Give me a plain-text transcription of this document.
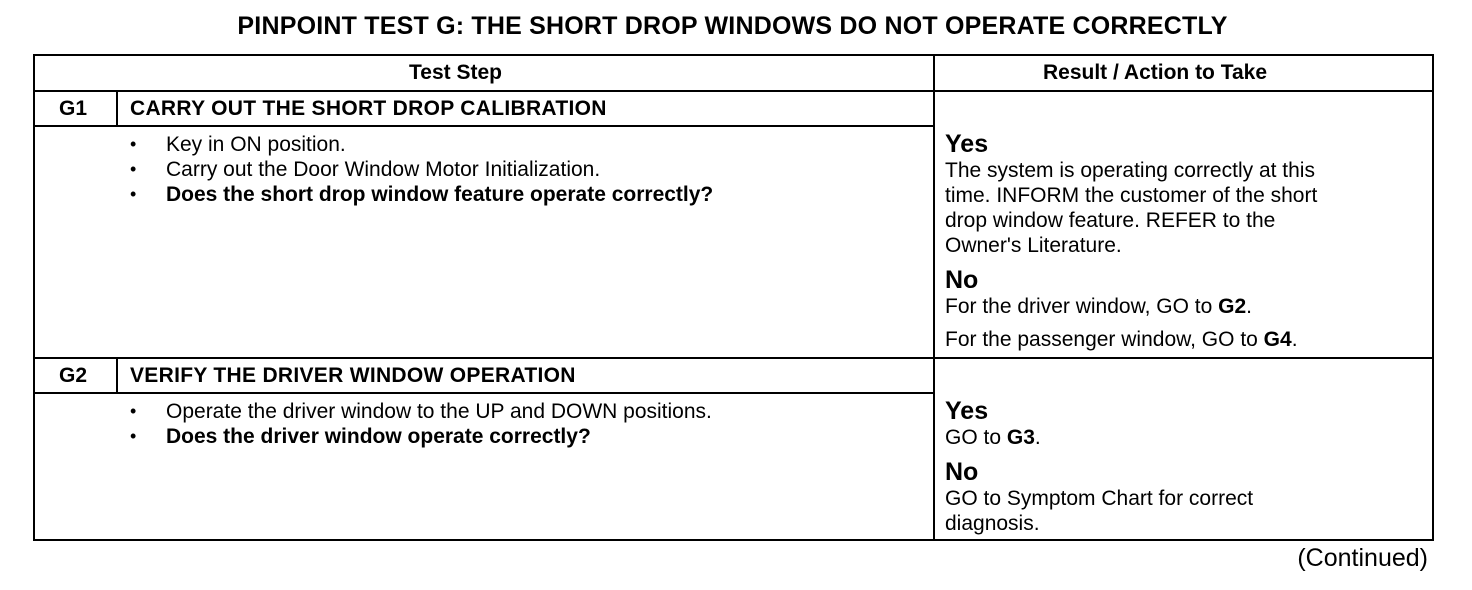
PINPOINT TEST G: THE SHORT DROP WINDOWS DO NOT OPERATE CORRECTLY
Test Step	Result / Action to Take
G1 CARRY OUT THE SHORT DROP CALIBRATION
• Key in ON position.
• Carry out the Door Window Motor Initialization.
• Does the short drop window feature operate correctly?
Yes
The system is operating correctly at this
time. INFORM the customer of the short
drop window feature. REFER to the
Owner's Literature.
No
For the driver window, GO to G2.
For the passenger window, GO to G4.
G2 VERIFY THE DRIVER WINDOW OPERATION
• Operate the driver window to the UP and DOWN positions.
• Does the driver window operate correctly?
Yes
GO to G3.
No
GO to Symptom Chart for correct
diagnosis.
(Continued)
